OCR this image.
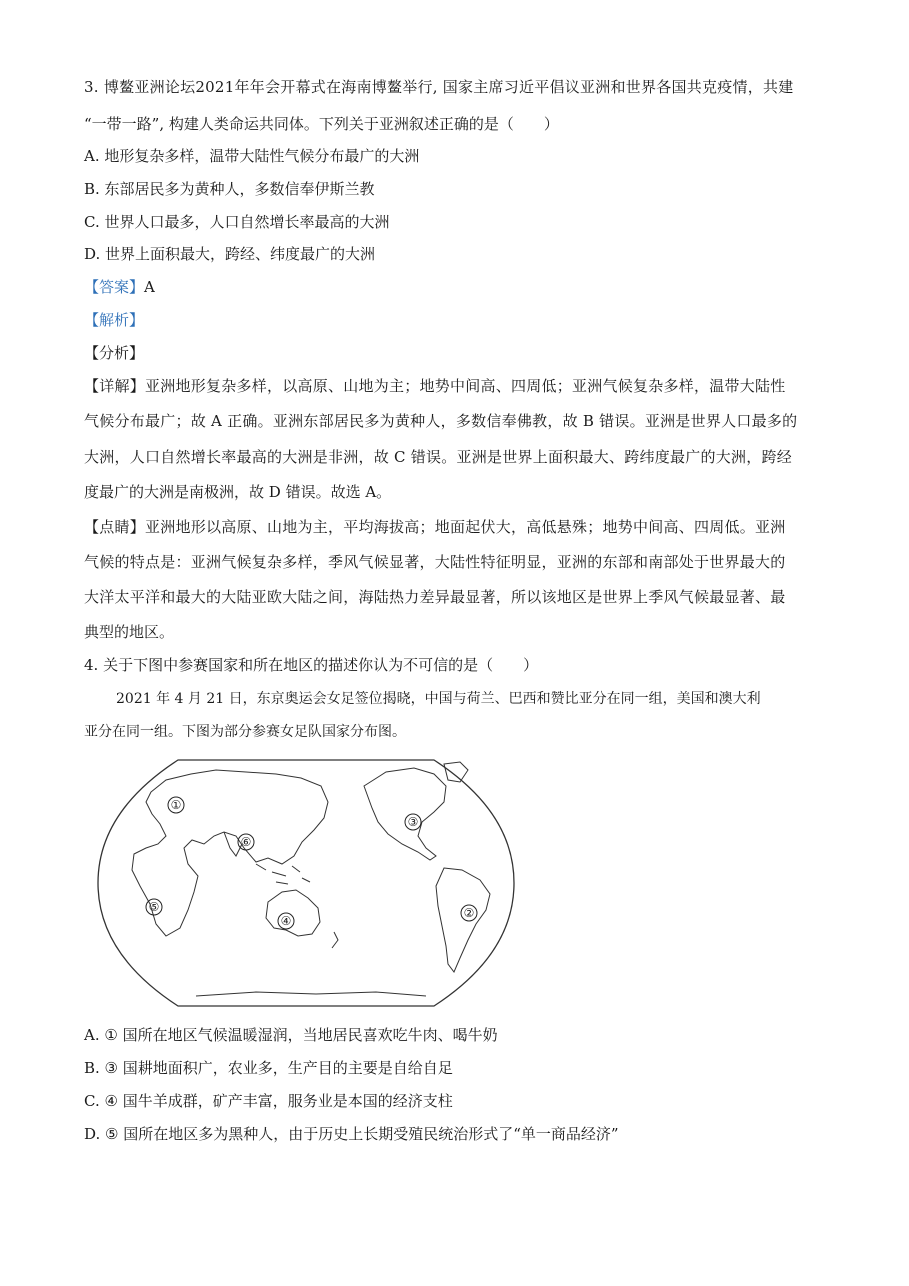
3. 博鳌亚洲论坛2021年年会开幕式在海南博鳌举行, 国家主席习近平倡议亚洲和世界各国共克疫情，共建
“一带一路”, 构建人类命运共同体。下列关于亚洲叙述正确的是（　　）
A. 地形复杂多样，温带大陆性气候分布最广的大洲
B. 东部居民多为黄种人，多数信奉伊斯兰教
C. 世界人口最多，人口自然增长率最高的大洲
D. 世界上面积最大，跨经、纬度最广的大洲
【答案】A
【解析】
【分析】
【详解】亚洲地形复杂多样，以高原、山地为主；地势中间高、四周低；亚洲气候复杂多样，温带大陆性
气候分布最广；故 A 正确。亚洲东部居民多为黄种人，多数信奉佛教，故 B 错误。亚洲是世界人口最多的
大洲，人口自然增长率最高的大洲是非洲，故 C 错误。亚洲是世界上面积最大、跨纬度最广的大洲，跨经
度最广的大洲是南极洲，故 D 错误。故选 A。
【点睛】亚洲地形以高原、山地为主，平均海拔高；地面起伏大，高低悬殊；地势中间高、四周低。亚洲
气候的特点是：亚洲气候复杂多样，季风气候显著，大陆性特征明显，亚洲的东部和南部处于世界最大的
大洋太平洋和最大的大陆亚欧大陆之间，海陆热力差异最显著，所以该地区是世界上季风气候最显著、最
典型的地区。
4. 关于下图中参赛国家和所在地区的描述你认为不可信的是（　　）
2021 年 4 月 21 日，东京奥运会女足签位揭晓，中国与荷兰、巴西和赞比亚分在同一组，美国和澳大利
亚分在同一组。下图为部分参赛女足队国家分布图。
①
②
③
④
⑤
⑥
A. ① 国所在地区气候温暖湿润，当地居民喜欢吃牛肉、喝牛奶
B. ③ 国耕地面积广，农业多，生产目的主要是自给自足
C. ④ 国牛羊成群，矿产丰富，服务业是本国的经济支柱
D. ⑤ 国所在地区多为黑种人，由于历史上长期受殖民统治形式了“单一商品经济”
